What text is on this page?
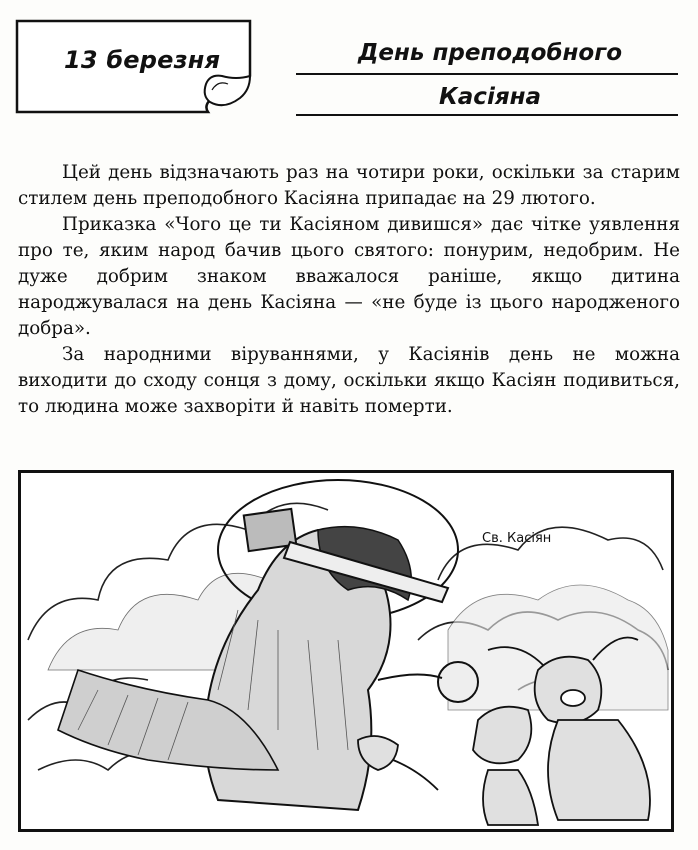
13 березня	День преподобного
Касіяна

Цей день відзначають раз на чотири роки, оскільки за старим стилем день преподобного Касіяна припадає на 29 лютого.

Приказка «Чого це ти Касіяном дивишся» дає чітке уявлення про те, яким народ бачив цього святого: понурим, недобрим. Не дуже добрим знаком вважалося раніше, якщо дитина народжувалася на день Касіяна — «не буде із цього народженого добра».

За народними віруваннями, у Касіянів день не можна виходити до сходу сонця з дому, оскільки якщо Касіян подивиться, то людина може захворіти й навіть померти.

Св. Касіян
